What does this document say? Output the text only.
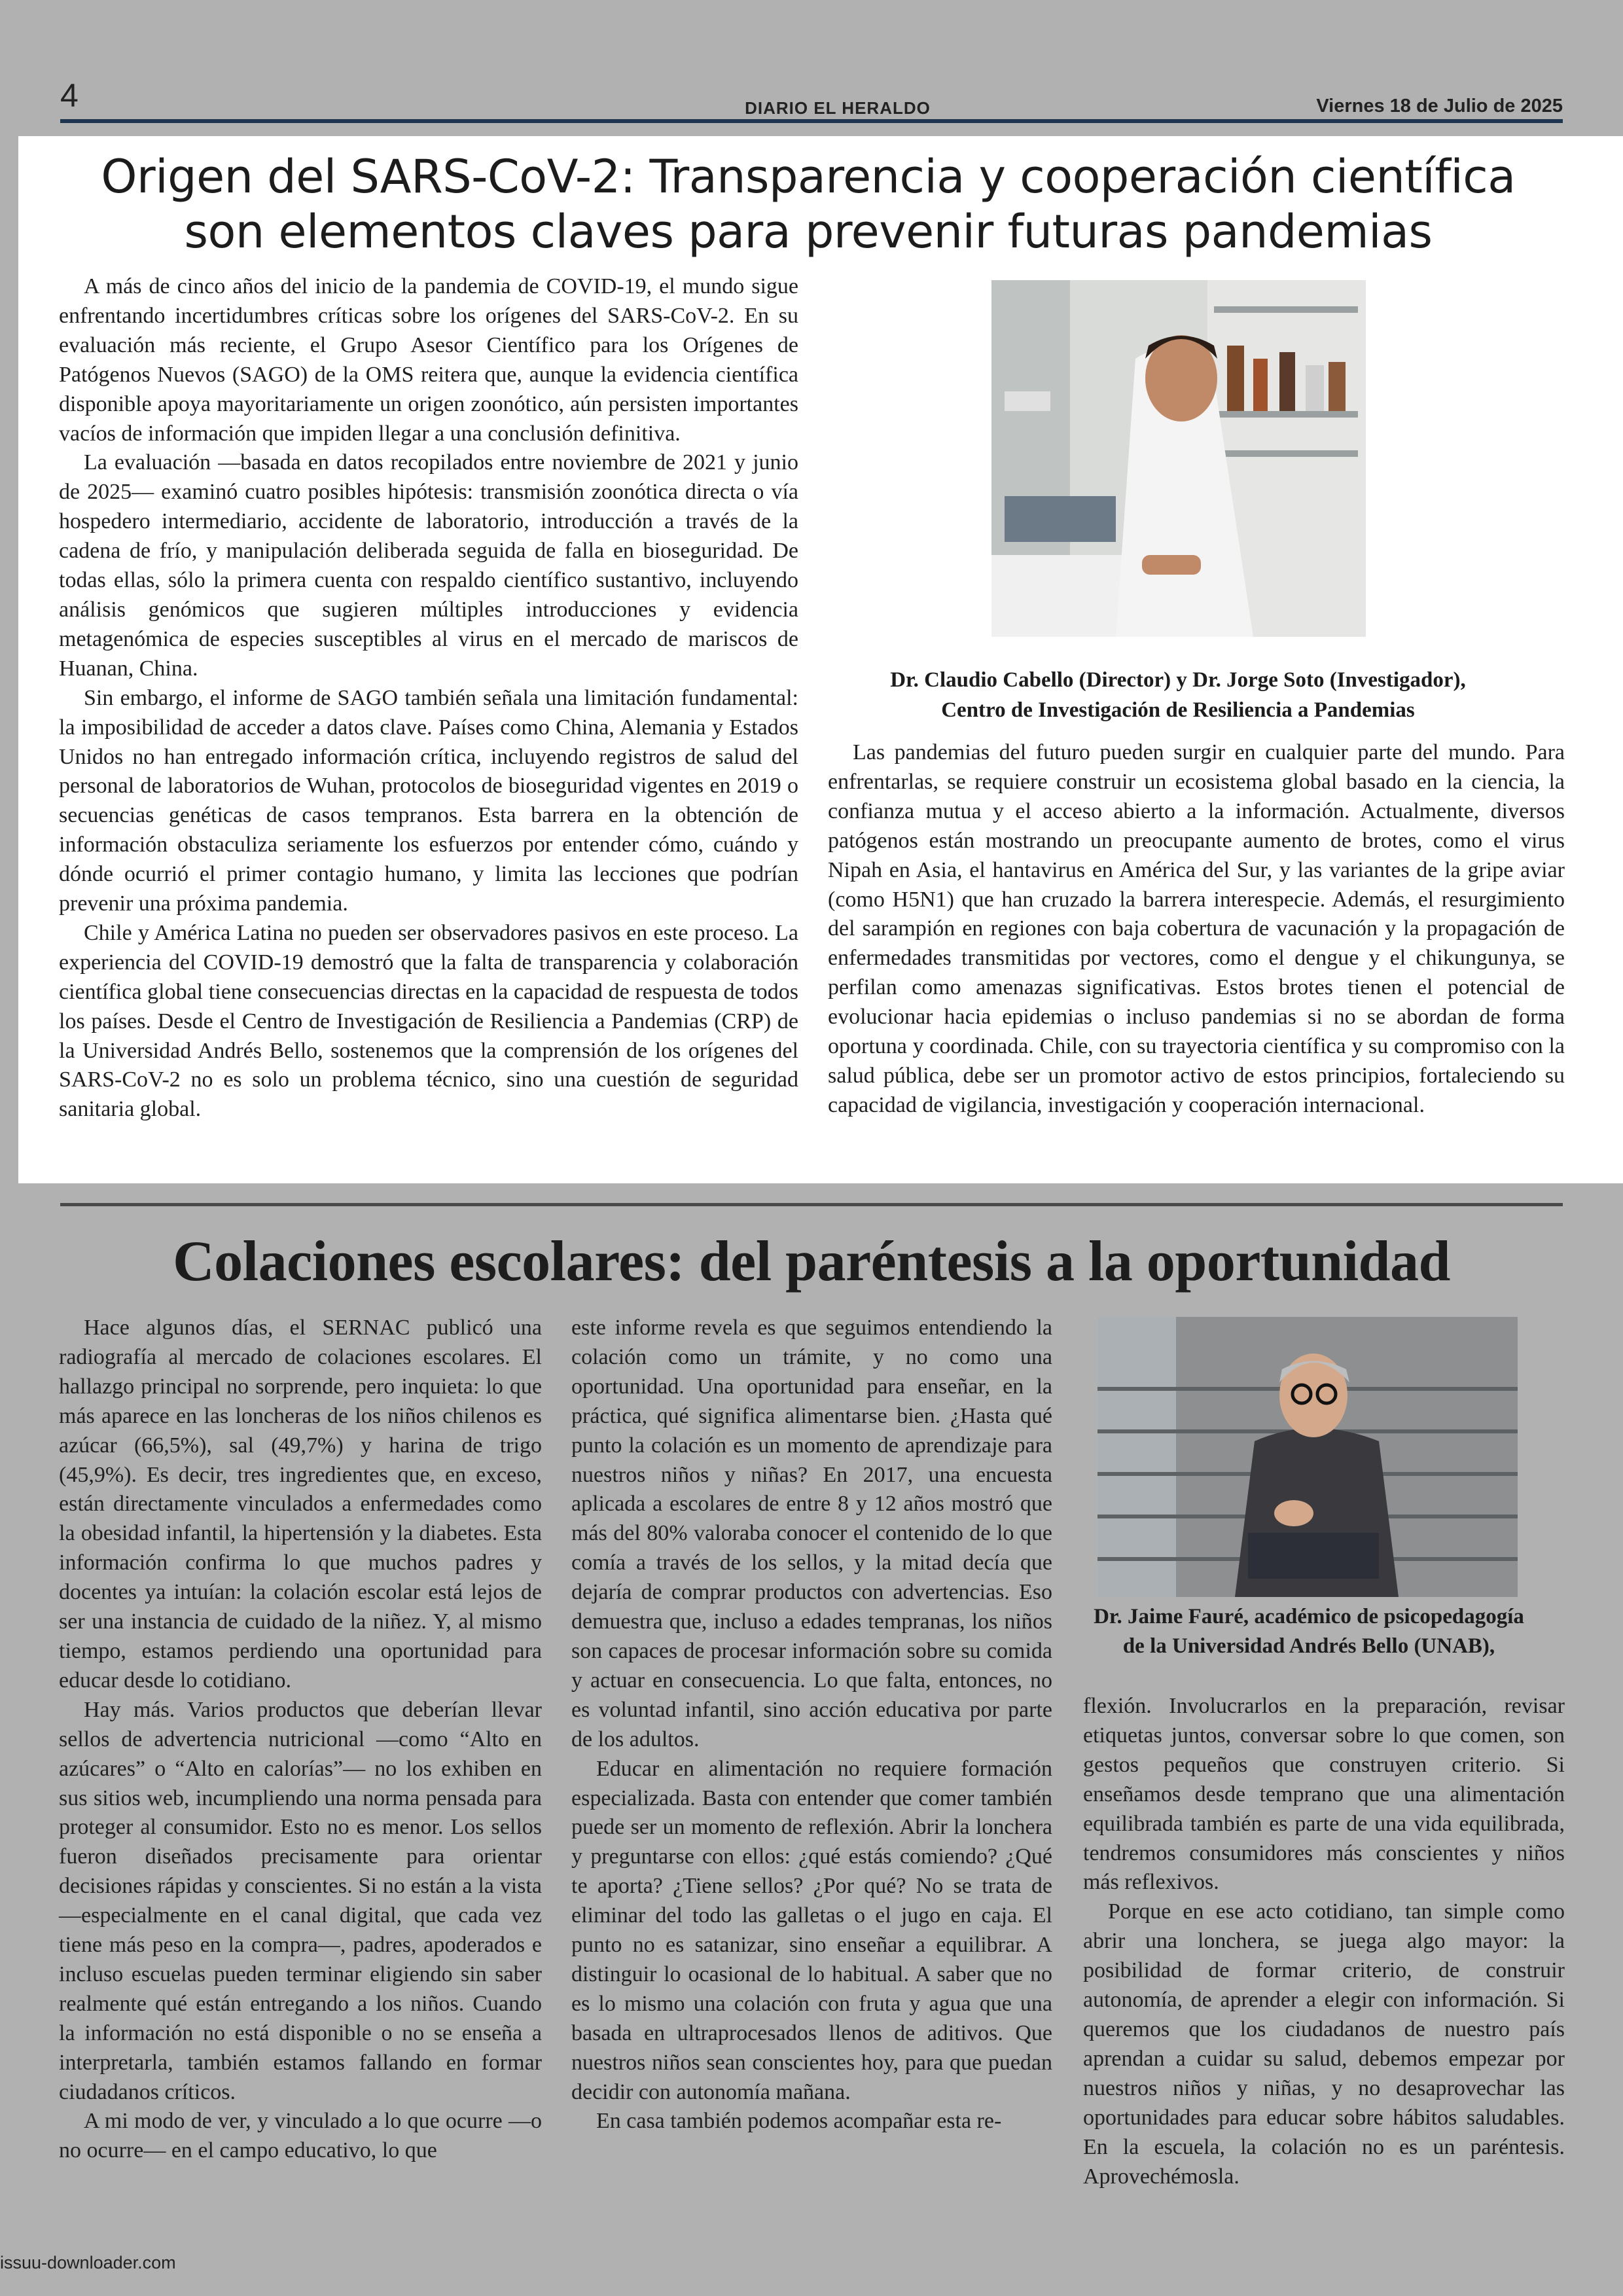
4	DIARIO EL HERALDO	Viernes 18 de Julio de 2025
Origen del SARS-CoV-2: Transparencia y cooperación científica son elementos claves para prevenir futuras pandemias

A más de cinco años del inicio de la pandemia de COVID-19, el mundo sigue enfrentando incertidumbres críticas sobre los orígenes del SARS-CoV-2. En su evaluación más reciente, el Grupo Asesor Científico para los Orígenes de Patógenos Nuevos (SAGO) de la OMS reitera que, aunque la evidencia científica disponible apoya mayoritariamente un origen zoonótico, aún persisten importantes vacíos de información que impiden llegar a una conclusión definitiva.

La evaluación —basada en datos recopilados entre noviembre de 2021 y junio de 2025— examinó cuatro posibles hipótesis: transmisión zoonótica directa o vía hospedero intermediario, accidente de laboratorio, introducción a través de la cadena de frío, y manipulación deliberada seguida de falla en bioseguridad. De todas ellas, sólo la primera cuenta con respaldo científico sustantivo, incluyendo análisis genómicos que sugieren múltiples introducciones y evidencia metagenómica de especies susceptibles al virus en el mercado de mariscos de Huanan, China.

Sin embargo, el informe de SAGO también señala una limitación fundamental: la imposibilidad de acceder a datos clave. Países como China, Alemania y Estados Unidos no han entregado información crítica, incluyendo registros de salud del personal de laboratorios de Wuhan, protocolos de bioseguridad vigentes en 2019 o secuencias genéticas de casos tempranos. Esta barrera en la obtención de información obstaculiza seriamente los esfuerzos por entender cómo, cuándo y dónde ocurrió el primer contagio humano, y limita las lecciones que podrían prevenir una próxima pandemia.

Chile y América Latina no pueden ser observadores pasivos en este proceso. La experiencia del COVID-19 demostró que la falta de transparencia y colaboración científica global tiene consecuencias directas en la capacidad de respuesta de todos los países. Desde el Centro de Investigación de Resiliencia a Pandemias (CRP) de la Universidad Andrés Bello, sostenemos que la comprensión de los orígenes del SARS-CoV-2 no es solo un problema técnico, sino una cuestión de seguridad sanitaria global.

Dr. Claudio Cabello (Director) y Dr. Jorge Soto (Investigador),
Centro de Investigación de Resiliencia a Pandemias

Las pandemias del futuro pueden surgir en cualquier parte del mundo. Para enfrentarlas, se requiere construir un ecosistema global basado en la ciencia, la confianza mutua y el acceso abierto a la información. Actualmente, diversos patógenos están mostrando un preocupante aumento de brotes, como el virus Nipah en Asia, el hantavirus en América del Sur, y las variantes de la gripe aviar (como H5N1) que han cruzado la barrera interespecie. Además, el resurgimiento del sarampión en regiones con baja cobertura de vacunación y la propagación de enfermedades transmitidas por vectores, como el dengue y el chikungunya, se perfilan como amenazas significativas. Estos brotes tienen el potencial de evolucionar hacia epidemias o incluso pandemias si no se abordan de forma oportuna y coordinada. Chile, con su trayectoria científica y su compromiso con la salud pública, debe ser un promotor activo de estos principios, fortaleciendo su capacidad de vigilancia, investigación y cooperación internacional.

Colaciones escolares: del paréntesis a la oportunidad

Hace algunos días, el SERNAC publicó una radiografía al mercado de colaciones escolares. El hallazgo principal no sorprende, pero inquieta: lo que más aparece en las loncheras de los niños chilenos es azúcar (66,5%), sal (49,7%) y harina de trigo (45,9%). Es decir, tres ingredientes que, en exceso, están directamente vinculados a enfermedades como la obesidad infantil, la hipertensión y la diabetes. Esta información confirma lo que muchos padres y docentes ya intuían: la colación escolar está lejos de ser una instancia de cuidado de la niñez. Y, al mismo tiempo, estamos perdiendo una oportunidad para educar desde lo cotidiano.

Hay más. Varios productos que deberían llevar sellos de advertencia nutricional —como “Alto en azúcares” o “Alto en calorías”— no los exhiben en sus sitios web, incumpliendo una norma pensada para proteger al consumidor. Esto no es menor. Los sellos fueron diseñados precisamente para orientar decisiones rápidas y conscientes. Si no están a la vista —especialmente en el canal digital, que cada vez tiene más peso en la compra—, padres, apoderados e incluso escuelas pueden terminar eligiendo sin saber realmente qué están entregando a los niños. Cuando la información no está disponible o no se enseña a interpretarla, también estamos fallando en formar ciudadanos críticos.

A mi modo de ver, y vinculado a lo que ocurre —o no ocurre— en el campo educativo, lo que

este informe revela es que seguimos entendiendo la colación como un trámite, y no como una oportunidad. Una oportunidad para enseñar, en la práctica, qué significa alimentarse bien. ¿Hasta qué punto la colación es un momento de aprendizaje para nuestros niños y niñas? En 2017, una encuesta aplicada a escolares de entre 8 y 12 años mostró que más del 80% valoraba conocer el contenido de lo que comía a través de los sellos, y la mitad decía que dejaría de comprar productos con advertencias. Eso demuestra que, incluso a edades tempranas, los niños son capaces de procesar información sobre su comida y actuar en consecuencia. Lo que falta, entonces, no es voluntad infantil, sino acción educativa por parte de los adultos.

Educar en alimentación no requiere formación especializada. Basta con entender que comer también puede ser un momento de reflexión. Abrir la lonchera y preguntarse con ellos: ¿qué estás comiendo? ¿Qué te aporta? ¿Tiene sellos? ¿Por qué? No se trata de eliminar del todo las galletas o el jugo en caja. El punto no es satanizar, sino enseñar a equilibrar. A distinguir lo ocasional de lo habitual. A saber que no es lo mismo una colación con fruta y agua que una basada en ultraprocesados llenos de aditivos. Que nuestros niños sean conscientes hoy, para que puedan decidir con autonomía mañana.

En casa también podemos acompañar esta re-

Dr. Jaime Fauré, académico de psicopedagogía de la Universidad Andrés Bello (UNAB),

flexión. Involucrarlos en la preparación, revisar etiquetas juntos, conversar sobre lo que comen, son gestos pequeños que construyen criterio. Si enseñamos desde temprano que una alimentación equilibrada también es parte de una vida equilibrada, tendremos consumidores más conscientes y niños más reflexivos.

Porque en ese acto cotidiano, tan simple como abrir una lonchera, se juega algo mayor: la posibilidad de formar criterio, de construir autonomía, de aprender a elegir con información. Si queremos que los ciudadanos de nuestro país aprendan a cuidar su salud, debemos empezar por nuestros niños y niñas, y no desaprovechar las oportunidades para educar sobre hábitos saludables. En la escuela, la colación no es un paréntesis. Aprovechémosla.

issuu-downloader.com
